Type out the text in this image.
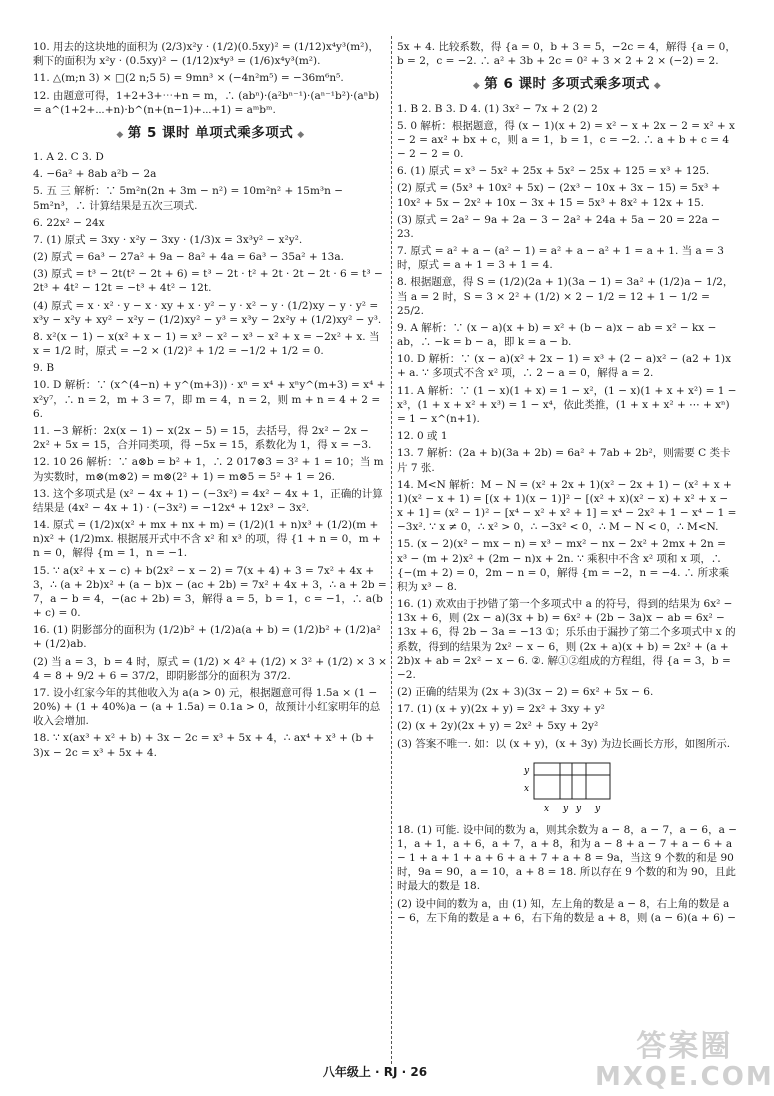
10. 用去的这块地的面积为 (2/3)x²y · (1/2)(0.5xy)² = (1/12)x⁴y³(m²)，剩下的面积为 x²y · (0.5xy)² − (1/12)x⁴y³ = (1/6)x⁴y³(m²).

11. △(m;n 3) × □(2 n;5 5) = 9mn³ × (−4n²m⁵) = −36m⁶n⁵.

12. 由题意可得，1+2+3+⋯+n = m，∴ (abⁿ)·(a²bⁿ⁻¹)·(aⁿ⁻¹b²)·(aⁿb) = a^(1+2+⋯+n)·b^(n+(n−1)+⋯+1) = aᵐbᵐ.

◆ 第 5 课时 单项式乘多项式 ◆

1. A 2. C 3. D

4. −6a² + 8ab a²b − 2a

5. 五 三 解析：∵ 5m²n(2n + 3m − n²) = 10m²n² + 15m³n − 5m²n³，∴ 计算结果是五次三项式.

6. 22x² − 24x

7. (1) 原式 = 3xy · x²y − 3xy · (1/3)x = 3x³y² − x²y².

(2) 原式 = 6a³ − 27a² + 9a − 8a² + 4a = 6a³ − 35a² + 13a.

(3) 原式 = t³ − 2t(t² − 2t + 6) = t³ − 2t · t² + 2t · 2t − 2t · 6 = t³ − 2t³ + 4t² − 12t = −t³ + 4t² − 12t.

(4) 原式 = x · x² · y − x · xy + x · y² − y · x² − y · (1/2)xy − y · y² = x³y − x²y + xy² − x²y − (1/2)xy² − y³ = x³y − 2x²y + (1/2)xy² − y³.

8. x²(x − 1) − x(x² + x − 1) = x³ − x² − x³ − x² + x = −2x² + x. 当 x = 1/2 时，原式 = −2 × (1/2)² + 1/2 = −1/2 + 1/2 = 0.

9. B

10. D 解析：∵ (x^(4−n) + y^(m+3)) · xⁿ = x⁴ + xⁿy^(m+3) = x⁴ + x²y⁷，∴ n = 2，m + 3 = 7，即 m = 4，n = 2，则 m + n = 4 + 2 = 6.

11. −3 解析：2x(x − 1) − x(2x − 5) = 15，去括号，得 2x² − 2x − 2x² + 5x = 15，合并同类项，得 −5x = 15，系数化为 1，得 x = −3.

12. 10 26 解析：∵ a⊗b = b² + 1，∴ 2 017⊗3 = 3² + 1 = 10；当 m 为实数时，m⊗(m⊗2) = m⊗(2² + 1) = m⊗5 = 5² + 1 = 26.

13. 这个多项式是 (x² − 4x + 1) − (−3x²) = 4x² − 4x + 1，正确的计算结果是 (4x² − 4x + 1) · (−3x²) = −12x⁴ + 12x³ − 3x².

14. 原式 = (1/2)x(x² + mx + nx + m) = (1/2)(1 + n)x³ + (1/2)(m + n)x² + (1/2)mx. 根据展开式中不含 x² 和 x³ 的项，得 {1 + n = 0，m + n = 0，解得 {m = 1，n = −1.

15. ∵ a(x² + x − c) + b(2x² − x − 2) = 7(x + 4) + 3 = 7x² + 4x + 3，∴ (a + 2b)x² + (a − b)x − (ac + 2b) = 7x² + 4x + 3，∴ a + 2b = 7，a − b = 4，−(ac + 2b) = 3，解得 a = 5，b = 1，c = −1，∴ a(b + c) = 0.

16. (1) 阴影部分的面积为 (1/2)b² + (1/2)a(a + b) = (1/2)b² + (1/2)a² + (1/2)ab.

(2) 当 a = 3，b = 4 时，原式 = (1/2) × 4² + (1/2) × 3² + (1/2) × 3 × 4 = 8 + 9/2 + 6 = 37/2，即阴影部分的面积为 37/2.

17. 设小红家今年的其他收入为 a(a > 0) 元，根据题意可得 1.5a × (1 − 20%) + (1 + 40%)a − (a + 1.5a) = 0.1a > 0，故预计小红家明年的总收入会增加.

18. ∵ x(ax³ + x² + b) + 3x − 2c = x³ + 5x + 4，∴ ax⁴ + x³ + (b + 3)x − 2c = x³ + 5x + 4.

5x + 4. 比较系数，得 {a = 0，b + 3 = 5，−2c = 4，解得 {a = 0，b = 2，c = −2. ∴ a² + 3b + 2c = 0² + 3 × 2 + 2 × (−2) = 2.

◆ 第 6 课时 多项式乘多项式 ◆

1. B 2. B 3. D 4. (1) 3x² − 7x + 2 (2) 2

5. 0 解析：根据题意，得 (x − 1)(x + 2) = x² − x + 2x − 2 = x² + x − 2 = ax² + bx + c，则 a = 1，b = 1，c = −2. ∴ a + b + c = 4 − 2 − 2 = 0.

6. (1) 原式 = x³ − 5x² + 25x + 5x² − 25x + 125 = x³ + 125.

(2) 原式 = (5x³ + 10x² + 5x) − (2x³ − 10x + 3x − 15) = 5x³ + 10x² + 5x − 2x² + 10x − 3x + 15 = 5x³ + 8x² + 12x + 15.

(3) 原式 = 2a² − 9a + 2a − 3 − 2a² + 24a + 5a − 20 = 22a − 23.

7. 原式 = a² + a − (a² − 1) = a² + a − a² + 1 = a + 1. 当 a = 3 时，原式 = a + 1 = 3 + 1 = 4.

8. 根据题意，得 S = (1/2)(2a + 1)(3a − 1) = 3a² + (1/2)a − 1/2，当 a = 2 时，S = 3 × 2² + (1/2) × 2 − 1/2 = 12 + 1 − 1/2 = 25/2.

9. A 解析：∵ (x − a)(x + b) = x² + (b − a)x − ab = x² − kx − ab，∴ −k = b − a，即 k = a − b.

10. D 解析：∵ (x − a)(x² + 2x − 1) = x³ + (2 − a)x² − (a2 + 1)x + a. ∵ 多项式不含 x² 项，∴ 2 − a = 0，解得 a = 2.

11. A 解析：∵ (1 − x)(1 + x) = 1 − x²，(1 − x)(1 + x + x²) = 1 − x³，(1 + x + x² + x³) = 1 − x⁴，依此类推，(1 + x + x² + ⋯ + xⁿ) = 1 − x^(n+1).

12. 0 或 1

13. 7 解析：(2a + b)(3a + 2b) = 6a² + 7ab + 2b²，则需要 C 类卡片 7 张.

14. M<N 解析：M − N = (x² + 2x + 1)(x² − 2x + 1) − (x² + x + 1)(x² − x + 1) = [(x + 1)(x − 1)]² − [(x² + x)(x² − x) + x² + x − x + 1] = (x² − 1)² − [x⁴ − x² + x² + 1] = x⁴ − 2x² + 1 − x⁴ − 1 = −3x². ∵ x ≠ 0，∴ x² > 0，∴ −3x² < 0，∴ M − N < 0，∴ M<N.

15. (x − 2)(x² − mx − n) = x³ − mx² − nx − 2x² + 2mx + 2n = x³ − (m + 2)x² + (2m − n)x + 2n. ∵ 乘积中不含 x² 项和 x 项，∴ {−(m + 2) = 0，2m − n = 0，解得 {m = −2，n = −4. ∴ 所求乘积为 x³ − 8.

16. (1) 欢欢由于抄错了第一个多项式中 a 的符号，得到的结果为 6x² − 13x + 6，则 (2x − a)(3x + b) = 6x² + (2b − 3a)x − ab = 6x² − 13x + 6，得 2b − 3a = −13 ①；乐乐由于漏抄了第二个多项式中 x 的系数，得到的结果为 2x² − x − 6，则 (2x + a)(x + b) = 2x² + (a + 2b)x + ab = 2x² − x − 6. ②. 解①②组成的方程组，得 {a = 3，b = −2.

(2) 正确的结果为 (2x + 3)(3x − 2) = 6x² + 5x − 6.

17. (1) (x + y)(2x + y) = 2x² + 3xy + y²

(2) (x + 2y)(2x + y) = 2x² + 5xy + 2y²

(3) 答案不唯一. 如：以 (x + y)，(x + 3y) 为边长画长方形，如图所示.

y
x
x y y y

18. (1) 可能. 设中间的数为 a，则其余数为 a − 8，a − 7，a − 6，a − 1，a + 1，a + 6，a + 7，a + 8，和为 a − 8 + a − 7 + a − 6 + a − 1 + a + 1 + a + 6 + a + 7 + a + 8 = 9a，当这 9 个数的和是 90 时，9a = 90，a = 10，a + 8 = 18. 所以存在 9 个数的和为 90，且此时最大的数是 18.

(2) 设中间的数为 a，由 (1) 知，左上角的数是 a − 8，右上角的数是 a − 6，左下角的数是 a + 6，右下角的数是 a + 8，则 (a − 6)(a + 6) −

八年级上 · RJ · 26
答案圈
MXQE.COM
